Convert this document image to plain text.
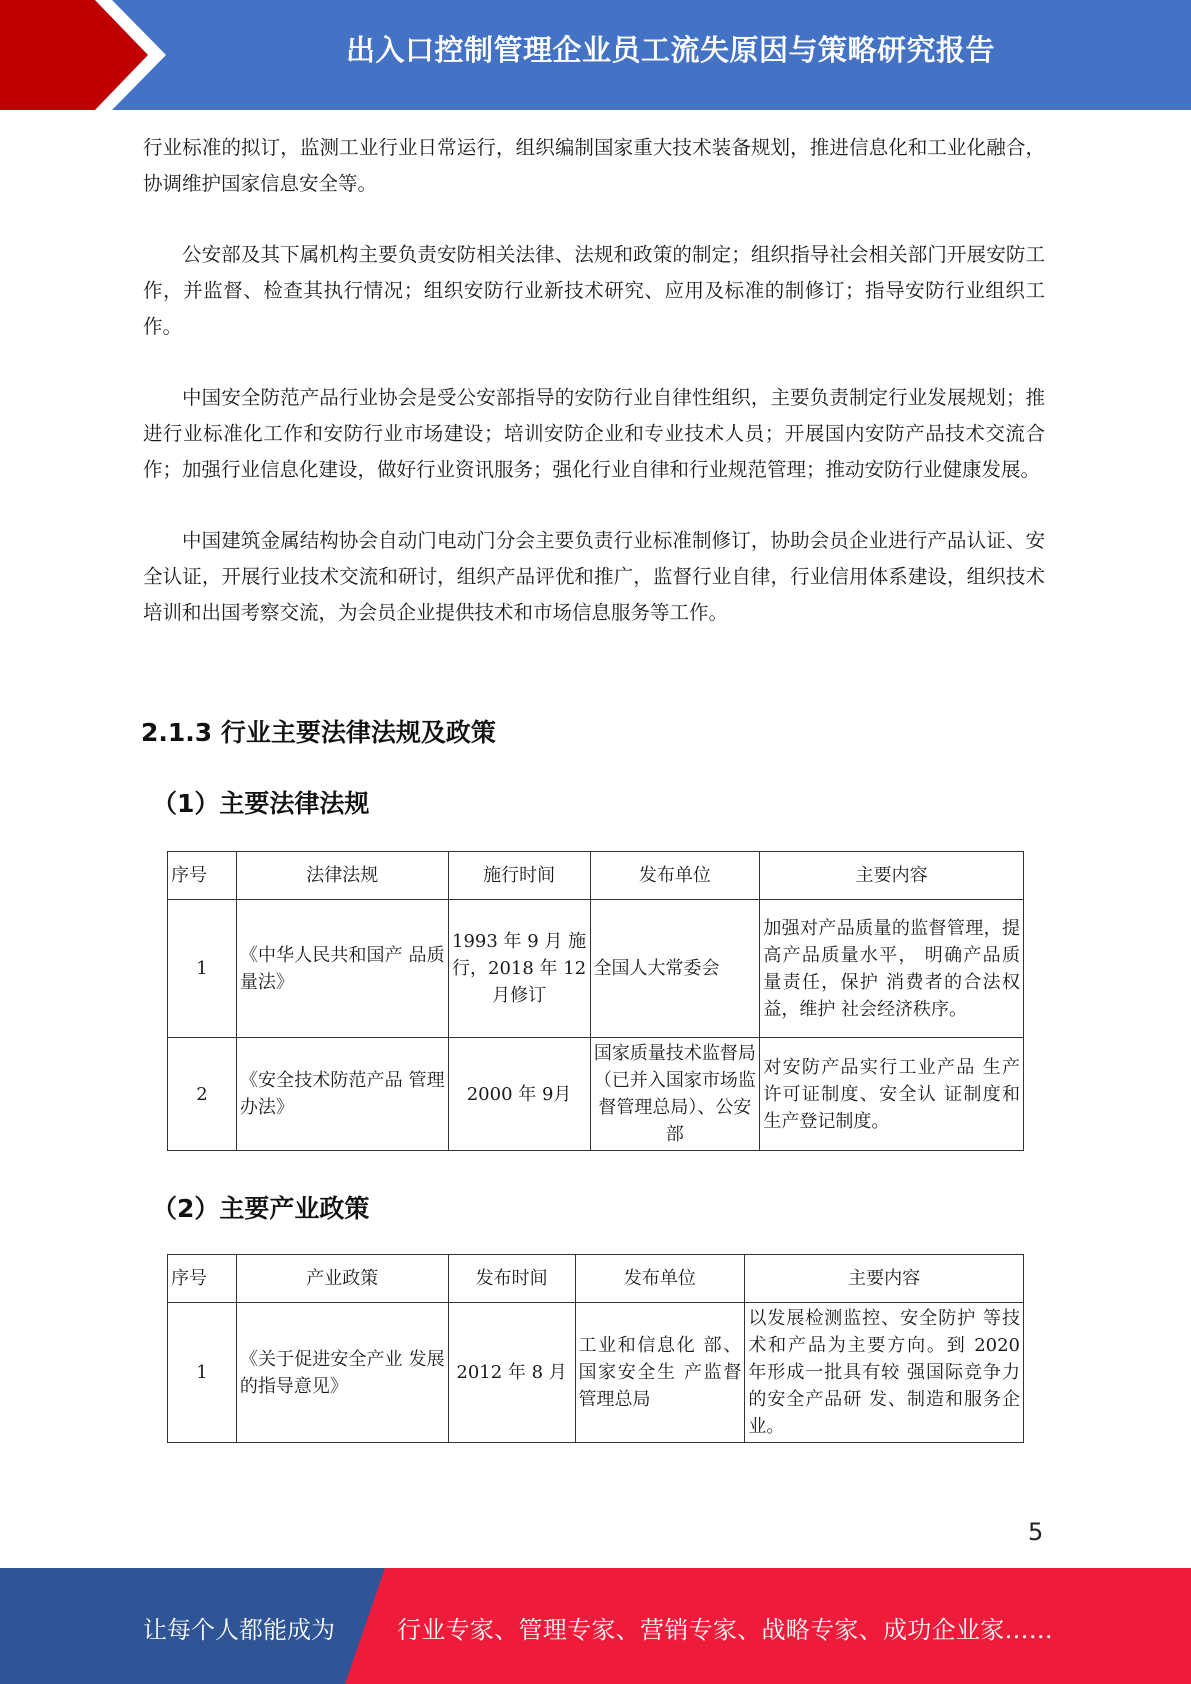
出入口控制管理企业员工流失原因与策略研究报告

行业标准的拟订，监测工业行业日常运行，组织编制国家重大技术装备规划，推进信息化和工业化融合，协调维护国家信息安全等。

公安部及其下属机构主要负责安防相关法律、法规和政策的制定；组织指导社会相关部门开展安防工作，并监督、检查其执行情况；组织安防行业新技术研究、应用及标准的制修订；指导安防行业组织工作。

中国安全防范产品行业协会是受公安部指导的安防行业自律性组织，主要负责制定行业发展规划；推进行业标准化工作和安防行业市场建设；培训安防企业和专业技术人员；开展国内安防产品技术交流合作；加强行业信息化建设，做好行业资讯服务；强化行业自律和行业规范管理；推动安防行业健康发展。

中国建筑金属结构协会自动门电动门分会主要负责行业标准制修订，协助会员企业进行产品认证、安全认证，开展行业技术交流和研讨，组织产品评优和推广，监督行业自律，行业信用体系建设，组织技术培训和出国考察交流，为会员企业提供技术和市场信息服务等工作。

2.1.3 行业主要法律法规及政策
（1）主要法律法规
序号	法律法规	施行时间	发布单位	主要内容
1	《中华人民共和国产 品质量法》	1993 年 9 月 施行，2018 年 12 月修订	全国人大常委会	加强对产品质量的监督管理，提高产品质量水平， 明确产品质量责任，保护 消费者的合法权益，维护 社会经济秩序。
2	《安全技术防范产品 管理办法》	2000 年 9月	国家质量技术监督局（已并入国家市场监督管理总局）、公安部	对安防产品实行工业产品 生产许可证制度、安全认 证制度和生产登记制度。
（2）主要产业政策
序号	产业政策	发布时间	发布单位	主要内容
1	《关于促进安全产业 发展的指导意见》	2012 年 8 月	工业和信息化 部、国家安全生 产监督管理总局	以发展检测监控、安全防护 等技术和产品为主要方向。到 2020 年形成一批具有较 强国际竞争力的安全产品研 发、制造和服务企业。
5
让每个人都能成为	行业专家、管理专家、营销专家、战略专家、成功企业家……
